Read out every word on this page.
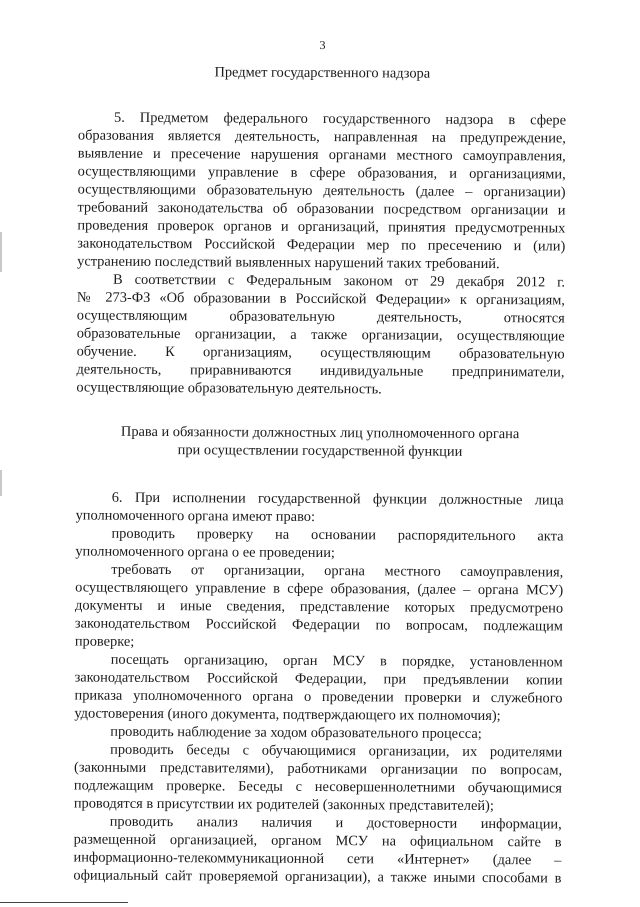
3
Предмет государственного надзора
5. Предметом федерального государственного надзора в сфере
образования является деятельность, направленная на предупреждение,
выявление и пресечение нарушения органами местного самоуправления,
осуществляющими управление в сфере образования, и организациями,
осуществляющими образовательную деятельность (далее – организации)
требований законодательства об образовании посредством организации и
проведения проверок органов и организаций, принятия предусмотренных
законодательством Российской Федерации мер по пресечению и (или)
устранению последствий выявленных нарушений таких требований.
В соответствии с Федеральным законом от 29 декабря 2012 г.
№ 273-ФЗ «Об образовании в Российской Федерации» к организациям,
осуществляющим образовательную деятельность, относятся
образовательные организации, а также организации, осуществляющие
обучение. К организациям, осуществляющим образовательную
деятельность, приравниваются индивидуальные предприниматели,
осуществляющие образовательную деятельность.
Права и обязанности должностных лиц уполномоченного органа
при осуществлении государственной функции
6. При исполнении государственной функции должностные лица
уполномоченного органа имеют право:
проводить проверку на основании распорядительного акта
уполномоченного органа о ее проведении;
требовать от организации, органа местного самоуправления,
осуществляющего управление в сфере образования, (далее – органа МСУ)
документы и иные сведения, представление которых предусмотрено
законодательством Российской Федерации по вопросам, подлежащим
проверке;
посещать организацию, орган МСУ в порядке, установленном
законодательством Российской Федерации, при предъявлении копии
приказа уполномоченного органа о проведении проверки и служебного
удостоверения (иного документа, подтверждающего их полномочия);
проводить наблюдение за ходом образовательного процесса;
проводить беседы с обучающимися организации, их родителями
(законными представителями), работниками организации по вопросам,
подлежащим проверке. Беседы с несовершеннолетними обучающимися
проводятся в присутствии их родителей (законных представителей);
проводить анализ наличия и достоверности информации,
размещенной организацией, органом МСУ на официальном сайте в
информационно-телекоммуникационной сети «Интернет» (далее –
официальный сайт проверяемой организации), а также иными способами в
